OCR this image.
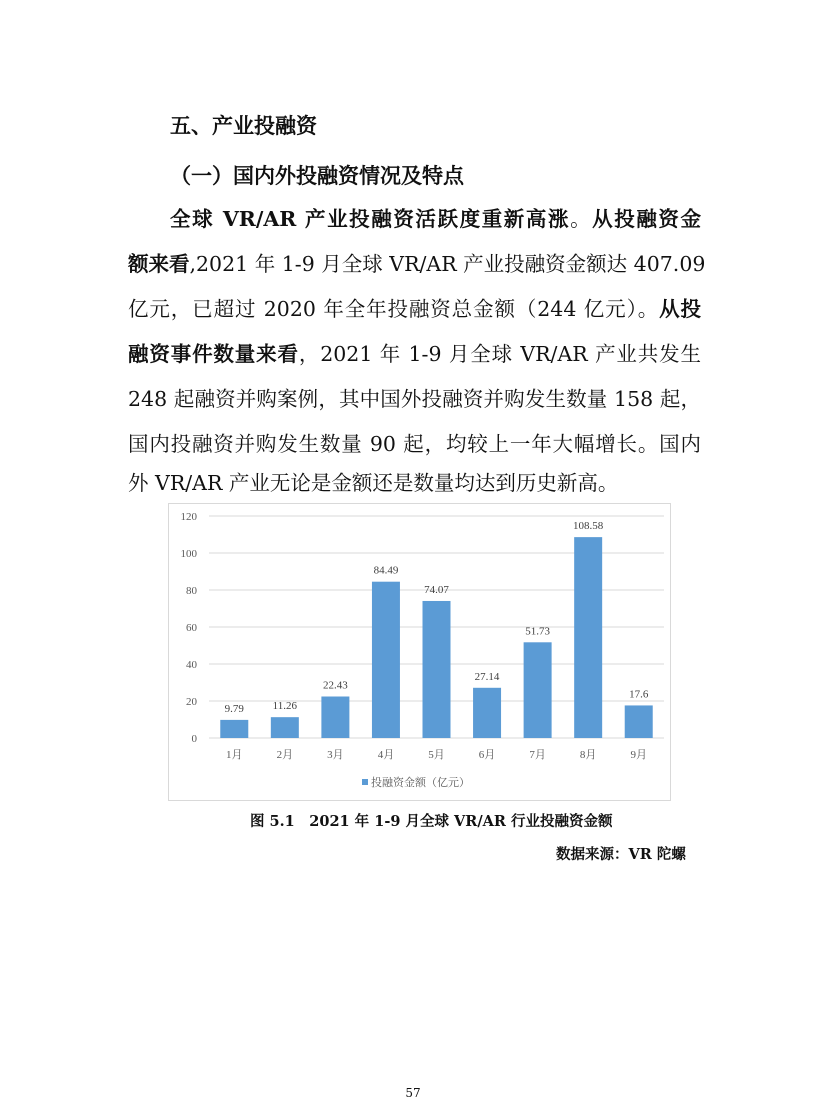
五、产业投融资
（一）国内外投融资情况及特点
全球 VR/AR 产业投融资活跃度重新高涨。从投融资金
额来看,2021 年 1-9 月全球 VR/AR 产业投融资金额达 407.09
亿元，已超过 2020 年全年投融资总金额（244 亿元）。从投
融资事件数量来看，2021 年 1-9 月全球 VR/AR 产业共发生
248 起融资并购案例，其中国外投融资并购发生数量 158 起，
国内投融资并购发生数量 90 起，均较上一年大幅增长。国内
外 VR/AR 产业无论是金额还是数量均达到历史新高。
0
20
40
60
80
100
120
9.79
1月
11.26
2月
22.43
3月
84.49
4月
74.07
5月
27.14
6月
51.73
7月
108.58
8月
17.6
9月
投融资金额（亿元）
图 5.1　2021 年 1-9 月全球 VR/AR 行业投融资金额
数据来源：VR 陀螺
57
